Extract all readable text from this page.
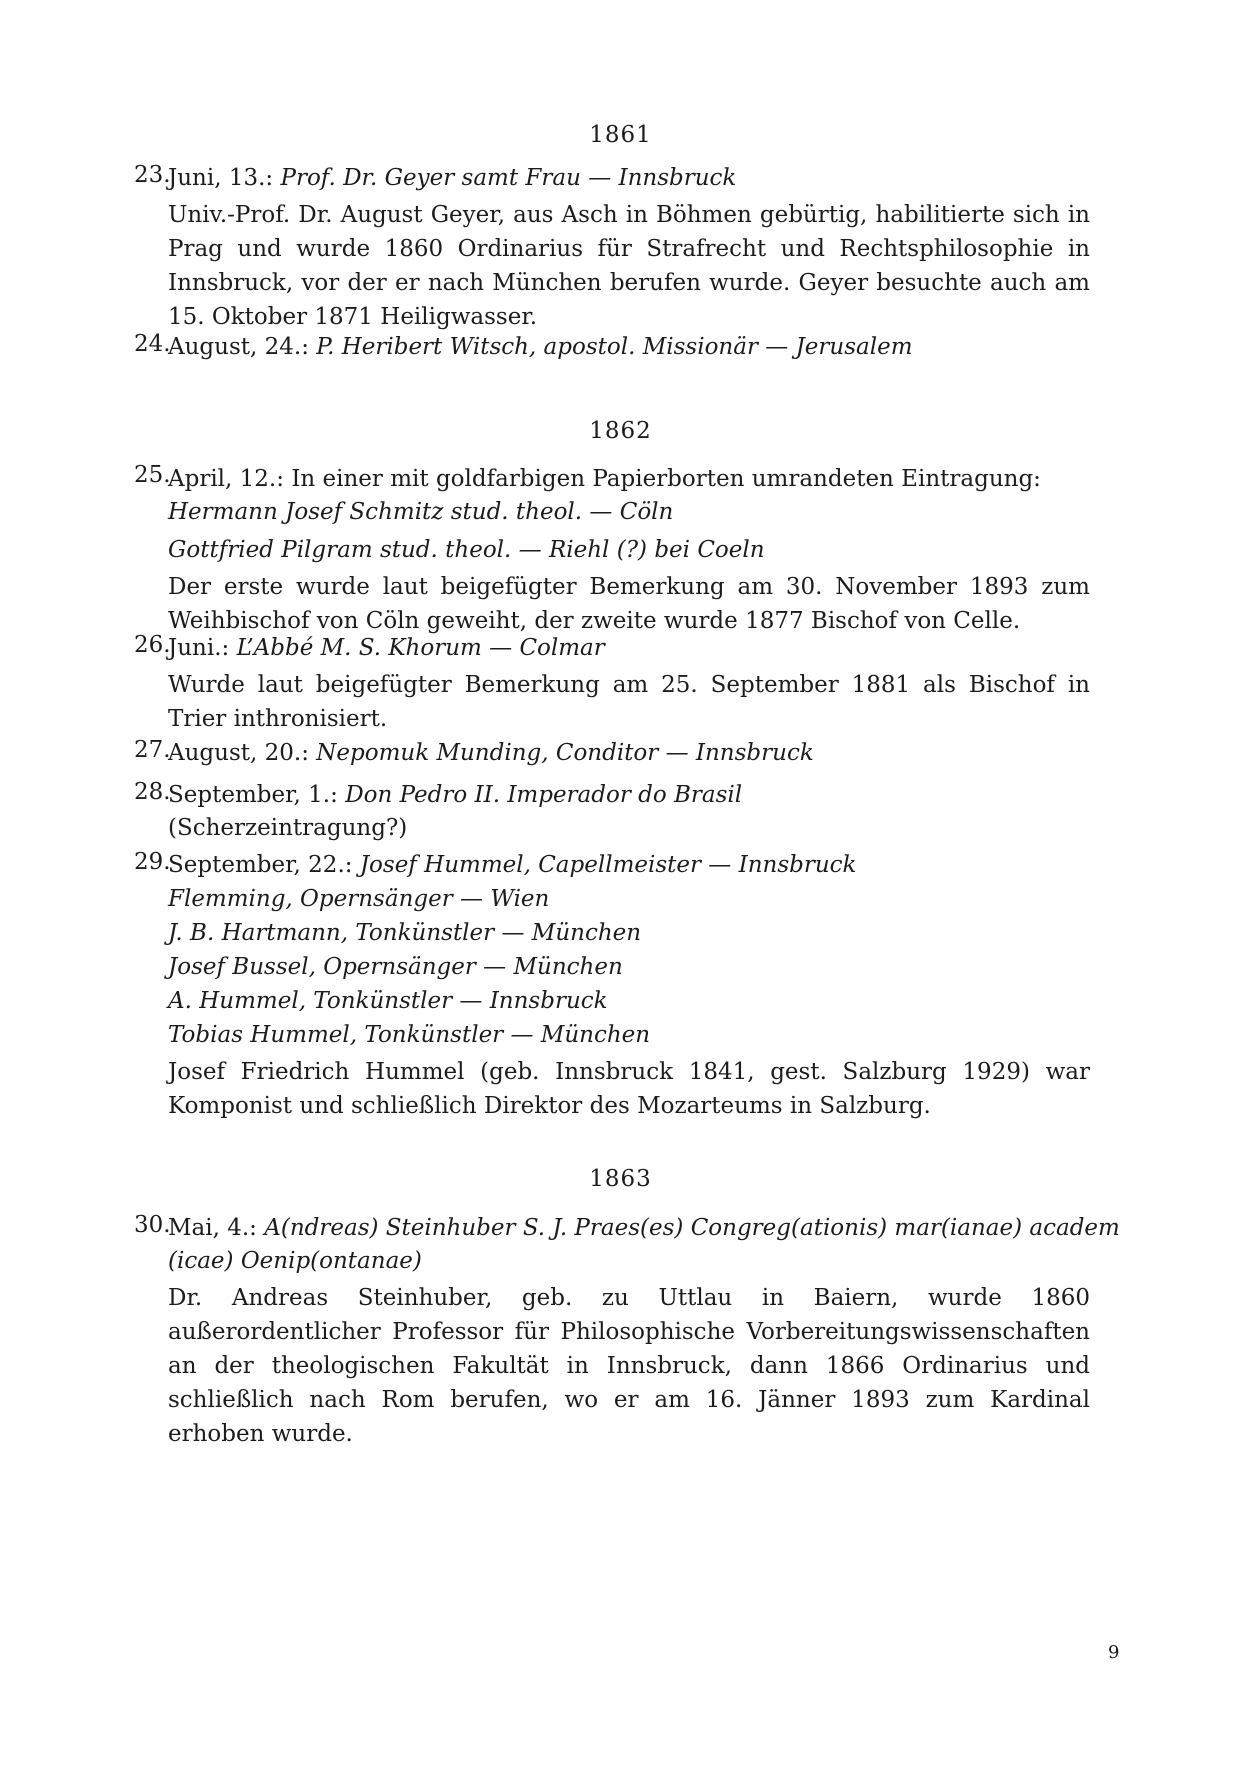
1861
23.
Juni, 13.: Prof. Dr. Geyer samt Frau — Innsbruck
Univ.-Prof. Dr. August Geyer, aus Asch in Böhmen gebürtig, habilitierte sich in Prag und wurde 1860 Ordinarius für Strafrecht und Rechtsphilosophie in Innsbruck, vor der er nach München berufen wurde. Geyer besuchte auch am 15. Oktober 1871 Heiligwasser.
24.
August, 24.: P. Heribert Witsch, apostol. Missionär — Jerusalem
1862
25.
April, 12.: In einer mit goldfarbigen Papierborten umrandeten Eintragung:
Hermann Josef Schmitz stud. theol. — Cöln
Gottfried Pilgram stud. theol. — Riehl (?) bei Coeln
Der erste wurde laut beigefügter Bemerkung am 30. November 1893 zum Weihbischof von Cöln geweiht, der zweite wurde 1877 Bischof von Celle.
26.
Juni.: L’Abbé M. S. Khorum — Colmar
Wurde laut beigefügter Bemerkung am 25. September 1881 als Bischof in Trier inthronisiert.
27.
August, 20.: Nepomuk Munding, Conditor — Innsbruck
28.
September, 1.: Don Pedro II. Imperador do Brasil
(Scherzeintragung?)
29.
September, 22.: Josef Hummel, Capellmeister — Innsbruck
Flemming, Opernsänger — Wien
J. B. Hartmann, Tonkünstler — München
Josef Bussel, Opernsänger — München
A. Hummel, Tonkünstler — Innsbruck
Tobias Hummel, Tonkünstler — München
Josef Friedrich Hummel (geb. Innsbruck 1841, gest. Salzburg 1929) war Komponist und schließlich Direktor des Mozarteums in Salzburg.
1863
30.
Mai, 4.: A(ndreas) Steinhuber S. J. Praes(es) Congreg(ationis) mar(ianae) academ
(icae) Oenip(ontanae)
Dr. Andreas Steinhuber, geb. zu Uttlau in Baiern, wurde 1860 außerordentlicher Professor für Philosophische Vorbereitungswissenschaften an der theologischen Fakultät in Innsbruck, dann 1866 Ordinarius und schließlich nach Rom berufen, wo er am 16. Jänner 1893 zum Kardinal erhoben wurde.
9
